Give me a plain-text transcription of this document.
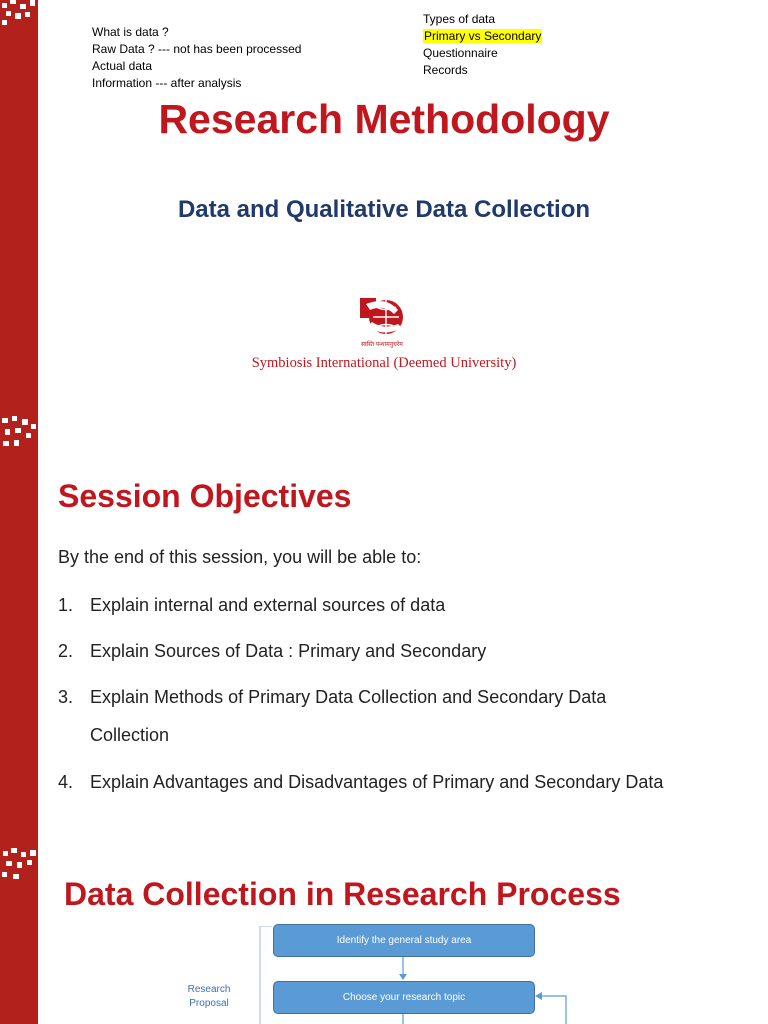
What is data ?
Raw Data ? --- not has been processed
Actual data
Information --- after analysis
Types of data
Primary vs Secondary
Questionnaire
Records
Research Methodology
Data and Qualitative Data Collection
स्वस्ति पन्थामनुचरेम
Symbiosis International (Deemed University)
Session Objectives
By the end of this session, you will be able to:
1. Explain internal and external sources of data
2. Explain Sources of Data : Primary and Secondary
3. Explain Methods of Primary Data Collection and Secondary Data
Collection
4. Explain Advantages and Disadvantages of Primary and Secondary Data
Data Collection in Research Process
Identify the general study area
Choose your research topic
Research
Proposal
